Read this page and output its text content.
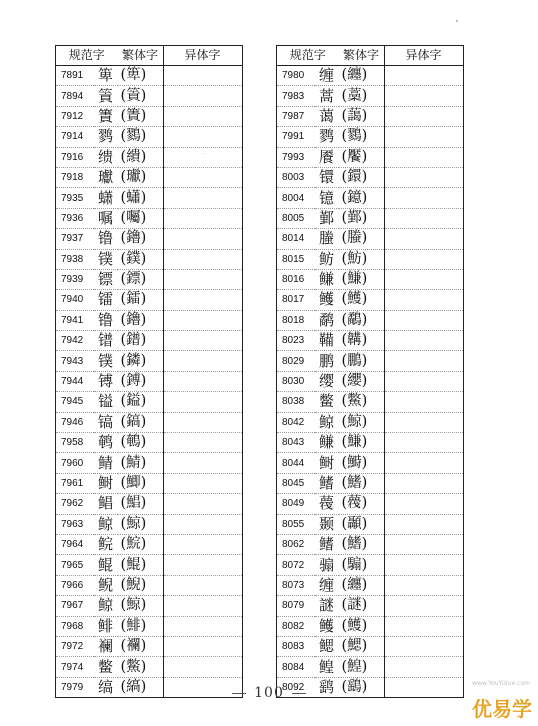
规范字		繁体字	异体字
7891	箄	(箄)	
7894	篢	(篢)	
7912	簀	(簀)	
7914	鹨	(鷚)	
7916	缋	(繢)	
7918	瓛	(瓛)	
7935	蟏	(蠨)	
7936	嘱	(囑)	
7937	镥	(鑥)	
7938	镤	(鏷)	
7939	镖	(鏢)	
7940	镭	(鐳)	
7941	镥	(鑥)	
7942	镨	(鐠)	
7943	镤	(鏻)	
7944	镈	(鎛)	
7945	镒	(鎰)	
7946	镐	(鎬)	
7958	鹌	(鵪)	
7960	鲭	(鯖)	
7961	鲥	(鯽)	
7962	鲳	(鯧)	
7963	鲸	(鯨)	
7964	鲩	(鯇)	
7965	鲲	(鯤)	
7966	鲵	(鯢)	
7967	鲸	(鯨)	
7968	鲱	(鯡)	
7972	襕	(襴)	
7974	鳖	(鱉)	
7979	缟	(縞)	
规范字		繁体字	异体字
7980	缠	(纏)	
7983	蒿	(藁)	
7987	蔼	(藹)	
7991	鹨	(鷚)	
7993	餍	(饜)	
8003	镮	(鐶)	
8004	镱	(鐿)	
8005	鄞	(鄞)	
8014	螣	(螣)	
8015	鲂	(魴)	
8016	鳒	(鰜)	
8017	鳠	(鱯)	
8018	鹬	(鷸)	
8023	鞴	(韝)	
8029	鹏	(鵬)	
8030	缨	(纓)	
8038	鳖	(鱉)	
8042	鲸	(鯨)	
8043	鳒	(鰜)	
8044	鲥	(鰣)	
8045	鳍	(鰭)	
8049	薎	(薎)	
8055	颞	(顳)	
8062	鳍	(鰭)	
8072	骟	(騸)	
8073	缠	(纏)	
8079	謎	(謎)	
8082	鳠	(鱯)	
8083	鳃	(鰓)	
8084	鳇	(鰉)	
8092	鹞	(鷂)	
100
www.YouYiXue.com
优易学
